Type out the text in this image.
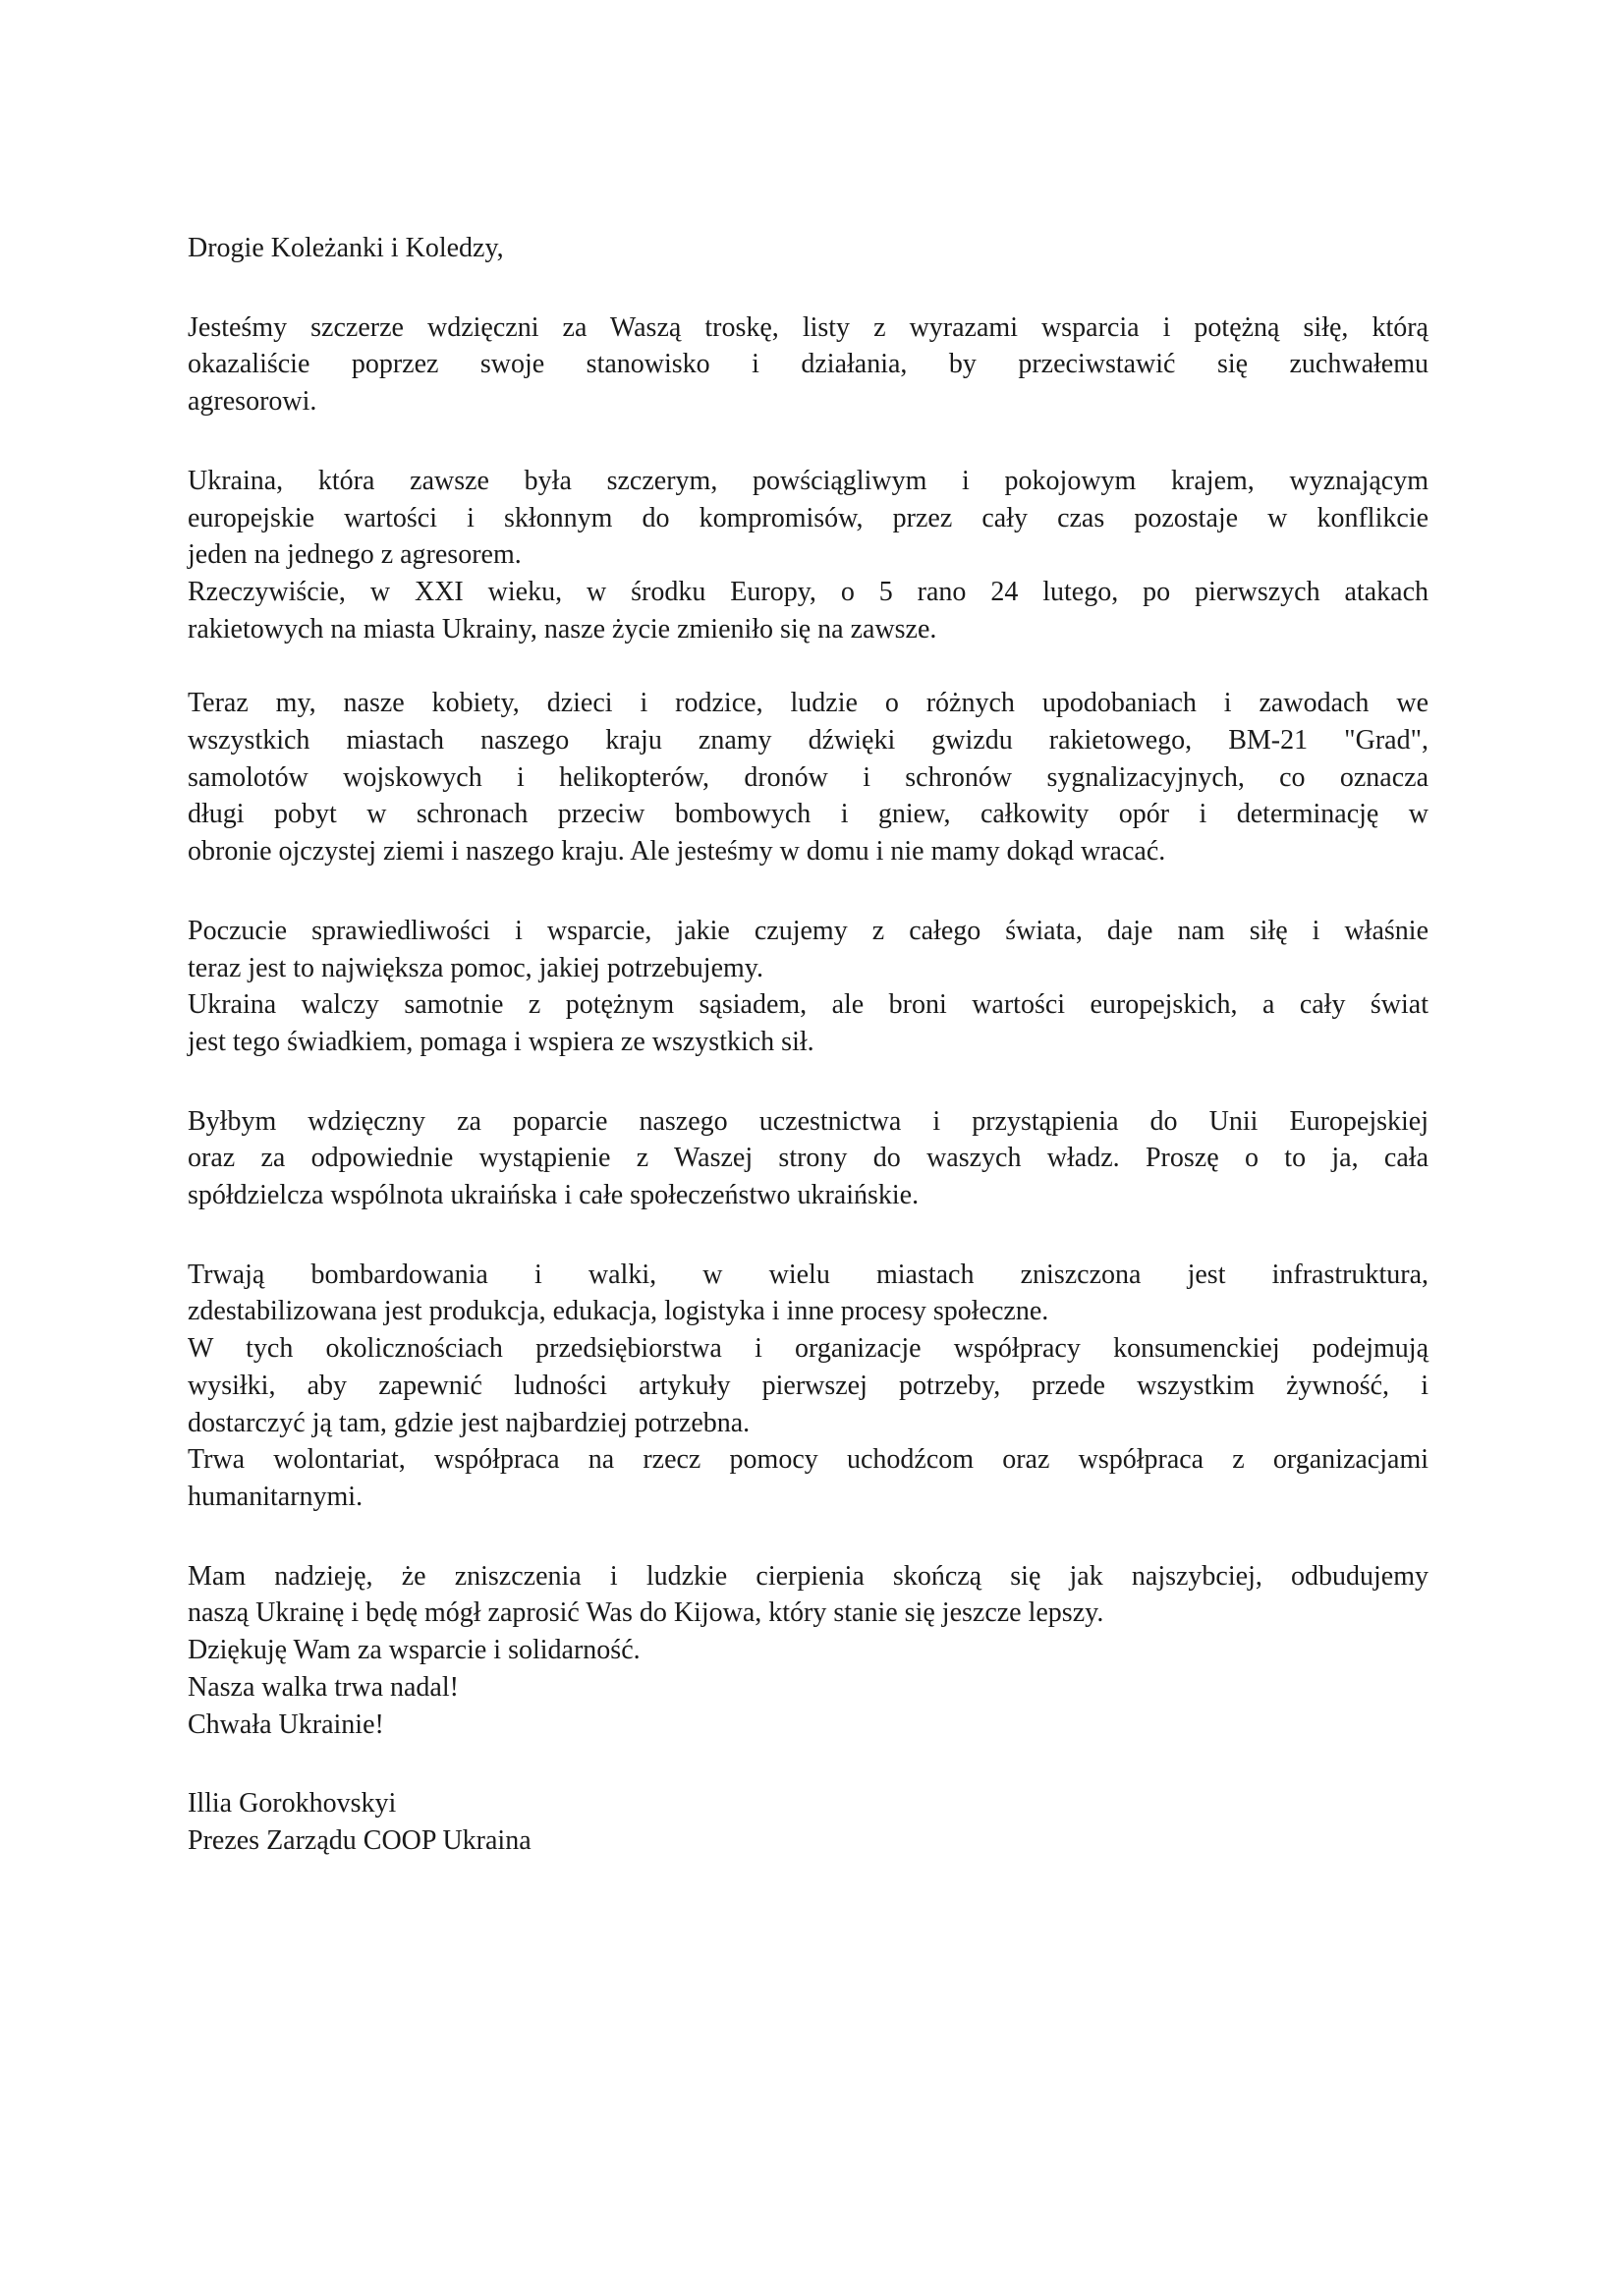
Drogie Koleżanki i Koledzy,

Jesteśmy szczerze wdzięczni za Waszą troskę, listy z wyrazami wsparcia i potężną siłę, którą
okazaliście poprzez swoje stanowisko i działania, by przeciwstawić się zuchwałemu
agresorowi.

Ukraina, która zawsze była szczerym, powściągliwym i pokojowym krajem, wyznającym
europejskie wartości i skłonnym do kompromisów, przez cały czas pozostaje w konflikcie
jeden na jednego z agresorem.
Rzeczywiście, w XXI wieku, w środku Europy, o 5 rano 24 lutego, po pierwszych atakach
rakietowych na miasta Ukrainy, nasze życie zmieniło się na zawsze.

Teraz my, nasze kobiety, dzieci i rodzice, ludzie o różnych upodobaniach i zawodach we
wszystkich miastach naszego kraju znamy dźwięki gwizdu rakietowego, BM-21 "Grad",
samolotów wojskowych i helikopterów, dronów i schronów sygnalizacyjnych, co oznacza
długi pobyt w schronach przeciw bombowych i gniew, całkowity opór i determinację w
obronie ojczystej ziemi i naszego kraju. Ale jesteśmy w domu i nie mamy dokąd wracać.

Poczucie sprawiedliwości i wsparcie, jakie czujemy z całego świata, daje nam siłę i właśnie
teraz jest to największa pomoc, jakiej potrzebujemy.
Ukraina walczy samotnie z potężnym sąsiadem, ale broni wartości europejskich, a cały świat
jest tego świadkiem, pomaga i wspiera ze wszystkich sił.

Byłbym wdzięczny za poparcie naszego uczestnictwa i przystąpienia do Unii Europejskiej
oraz za odpowiednie wystąpienie z Waszej strony do waszych władz. Proszę o to ja, cała
spółdzielcza wspólnota ukraińska i całe społeczeństwo ukraińskie.

Trwają bombardowania i walki, w wielu miastach zniszczona jest infrastruktura,
zdestabilizowana jest produkcja, edukacja, logistyka i inne procesy społeczne.
W tych okolicznościach przedsiębiorstwa i organizacje współpracy konsumenckiej podejmują
wysiłki, aby zapewnić ludności artykuły pierwszej potrzeby, przede wszystkim żywność, i
dostarczyć ją tam, gdzie jest najbardziej potrzebna.
Trwa wolontariat, współpraca na rzecz pomocy uchodźcom oraz współpraca z organizacjami
humanitarnymi.

Mam nadzieję, że zniszczenia i ludzkie cierpienia skończą się jak najszybciej, odbudujemy
naszą Ukrainę i będę mógł zaprosić Was do Kijowa, który stanie się jeszcze lepszy.
Dziękuję Wam za wsparcie i solidarność.
Nasza walka trwa nadal!
Chwała Ukrainie!

Illia Gorokhovskyi
Prezes Zarządu COOP Ukraina
